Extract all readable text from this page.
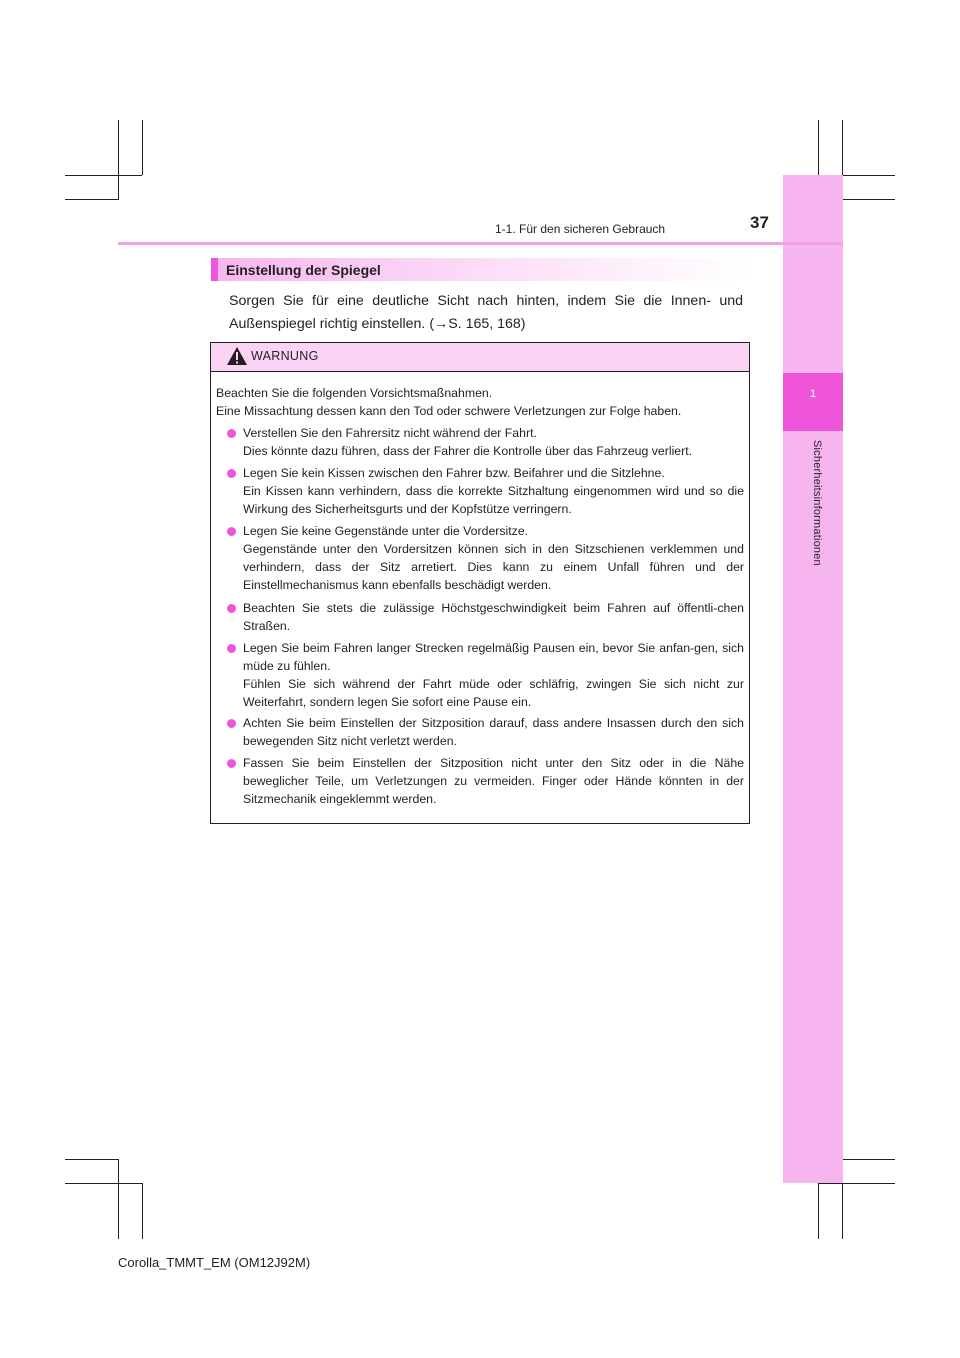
1
Sicherheitsinformationen
1-1. Für den sicheren Gebrauch	37
Einstellung der Spiegel
Sorgen Sie für eine deutliche Sicht nach hinten, indem Sie die Innen- und Außenspiegel richtig einstellen. (→S. 165, 168)
WARNUNG
Beachten Sie die folgenden Vorsichtsmaßnahmen.
Eine Missachtung dessen kann den Tod oder schwere Verletzungen zur Folge haben.
Verstellen Sie den Fahrersitz nicht während der Fahrt.
Dies könnte dazu führen, dass der Fahrer die Kontrolle über das Fahrzeug verliert.
Legen Sie kein Kissen zwischen den Fahrer bzw. Beifahrer und die Sitzlehne.
Ein Kissen kann verhindern, dass die korrekte Sitzhaltung eingenommen wird und so die Wirkung des Sicherheitsgurts und der Kopfstütze verringern.
Legen Sie keine Gegenstände unter die Vordersitze.
Gegenstände unter den Vordersitzen können sich in den Sitzschienen verklemmen und verhindern, dass der Sitz arretiert. Dies kann zu einem Unfall führen und der Einstellmechanismus kann ebenfalls beschädigt werden.
Beachten Sie stets die zulässige Höchstgeschwindigkeit beim Fahren auf öffentli-chen Straßen.
Legen Sie beim Fahren langer Strecken regelmäßig Pausen ein, bevor Sie anfan-gen, sich müde zu fühlen.
Fühlen Sie sich während der Fahrt müde oder schläfrig, zwingen Sie sich nicht zur Weiterfahrt, sondern legen Sie sofort eine Pause ein.
Achten Sie beim Einstellen der Sitzposition darauf, dass andere Insassen durch den sich bewegenden Sitz nicht verletzt werden.
Fassen Sie beim Einstellen der Sitzposition nicht unter den Sitz oder in die Nähe beweglicher Teile, um Verletzungen zu vermeiden. Finger oder Hände könnten in der Sitzmechanik eingeklemmt werden.
Corolla_TMMT_EM (OM12J92M)
